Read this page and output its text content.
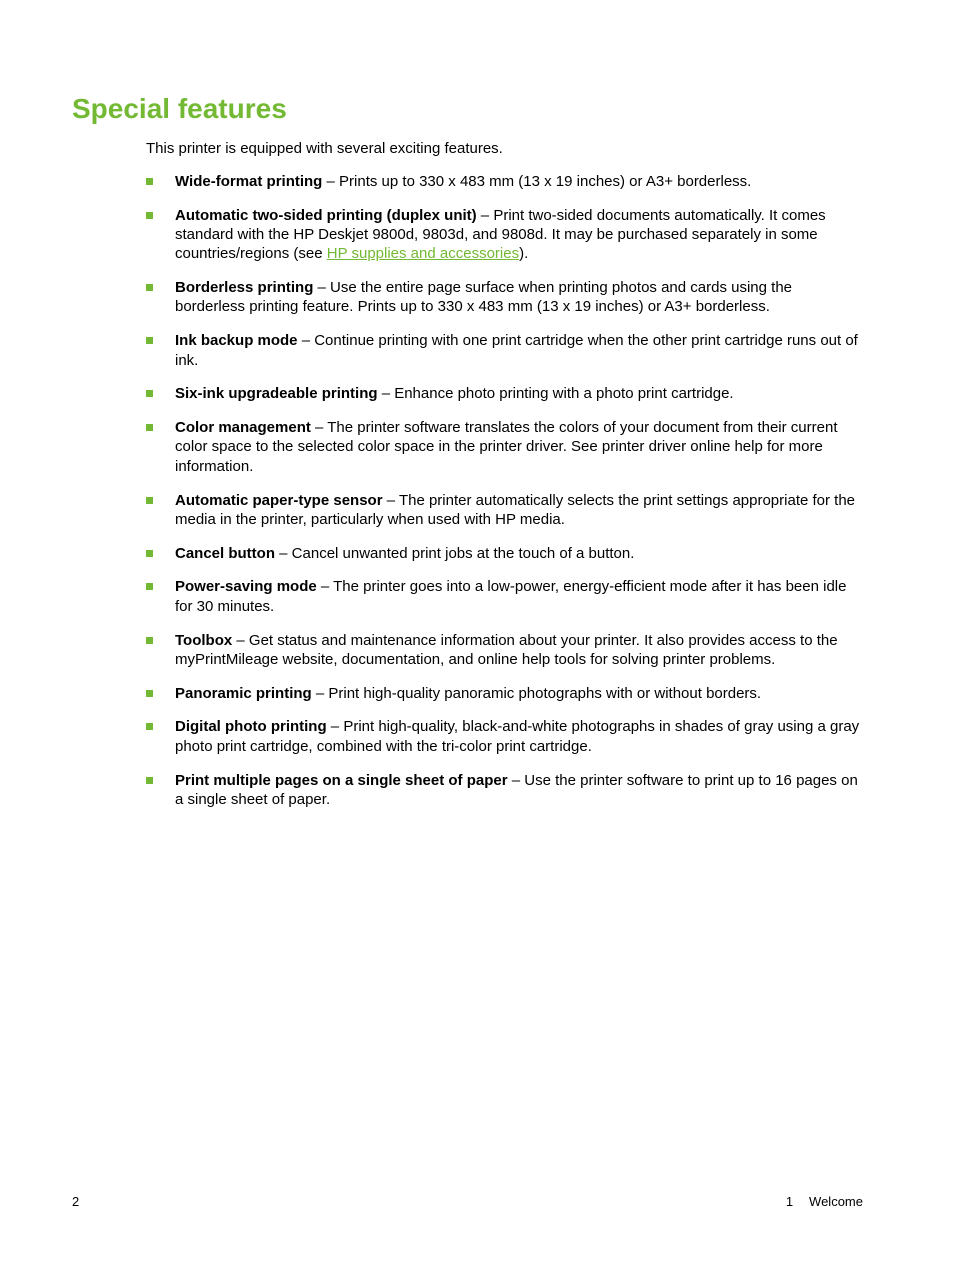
Special features

This printer is equipped with several exciting features.

Wide-format printing – Prints up to 330 x 483 mm (13 x 19 inches) or A3+ borderless.
Automatic two-sided printing (duplex unit) – Print two-sided documents automatically. It comes standard with the HP Deskjet 9800d, 9803d, and 9808d. It may be purchased separately in some countries/regions (see HP supplies and accessories).
Borderless printing – Use the entire page surface when printing photos and cards using the borderless printing feature. Prints up to 330 x 483 mm (13 x 19 inches) or A3+ borderless.
Ink backup mode – Continue printing with one print cartridge when the other print cartridge runs out of ink.
Six-ink upgradeable printing – Enhance photo printing with a photo print cartridge.
Color management – The printer software translates the colors of your document from their current color space to the selected color space in the printer driver. See printer driver online help for more information.
Automatic paper-type sensor – The printer automatically selects the print settings appropriate for the media in the printer, particularly when used with HP media.
Cancel button – Cancel unwanted print jobs at the touch of a button.
Power-saving mode – The printer goes into a low-power, energy-efficient mode after it has been idle for 30 minutes.
Toolbox – Get status and maintenance information about your printer. It also provides access to the myPrintMileage website, documentation, and online help tools for solving printer problems.
Panoramic printing – Print high-quality panoramic photographs with or without borders.
Digital photo printing – Print high-quality, black-and-white photographs in shades of gray using a gray photo print cartridge, combined with the tri-color print cartridge.
Print multiple pages on a single sheet of paper – Use the printer software to print up to 16 pages on a single sheet of paper.
2	1 Welcome
